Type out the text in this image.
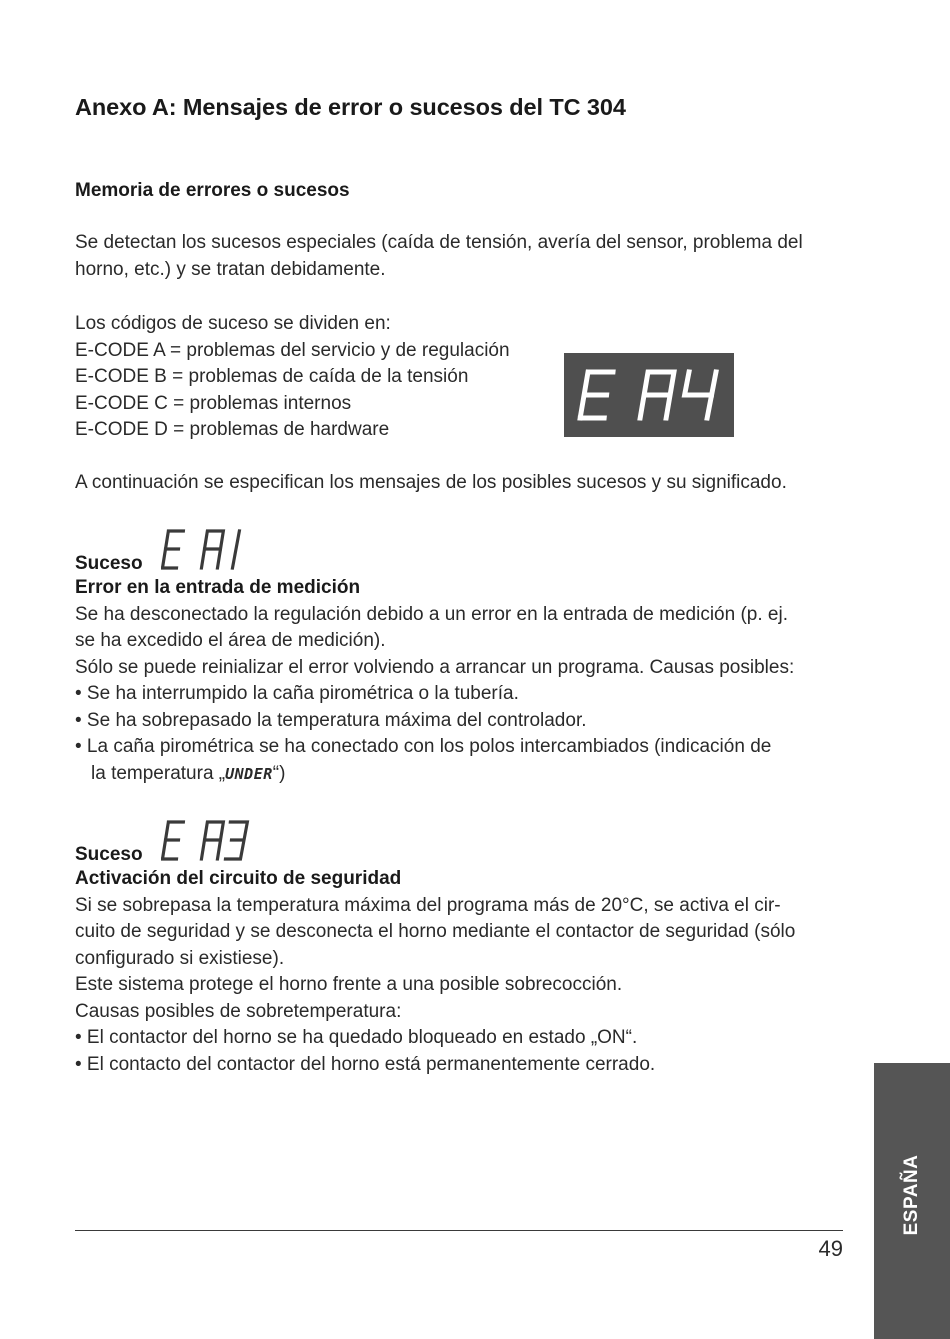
Anexo A: Mensajes de error o sucesos del TC 304
Memoria de errores o sucesos

Se detectan los sucesos especiales (caída de tensión, avería del sensor, problema del
horno, etc.) y se tratan debidamente.

Los códigos de suceso se dividen en:
E-CODE A = problemas del servicio y de regulación
E-CODE B = problemas de caída de la tensión
E-CODE C = problemas internos
E-CODE D = problemas de hardware

A continuación se especifican los mensajes de los posibles sucesos y su significado.

Suceso

Error en la entrada de medición
Se ha desconectado la regulación debido a un error en la entrada de medición (p. ej.
se ha excedido el área de medición).
Sólo se puede reinializar el error volviendo a arrancar un programa. Causas posibles:
• Se ha interrumpido la caña pirométrica o la tubería.
• Se ha sobrepasado la temperatura máxima del controlador.
• La caña pirométrica se ha conectado con los polos intercambiados (indicación de
la temperatura „UNDER“)

Suceso

Activación del circuito de seguridad
Si se sobrepasa la temperatura máxima del programa más de 20°C, se activa el cir-
cuito de seguridad y se desconecta el horno mediante el contactor de seguridad (sólo
configurado si existiese).
Este sistema protege el horno frente a una posible sobrecocción.
Causas posibles de sobretemperatura:
• El contactor del horno se ha quedado bloqueado en estado „ON“.
• El contacto del contactor del horno está permanentemente cerrado.

49
ESPAÑA
